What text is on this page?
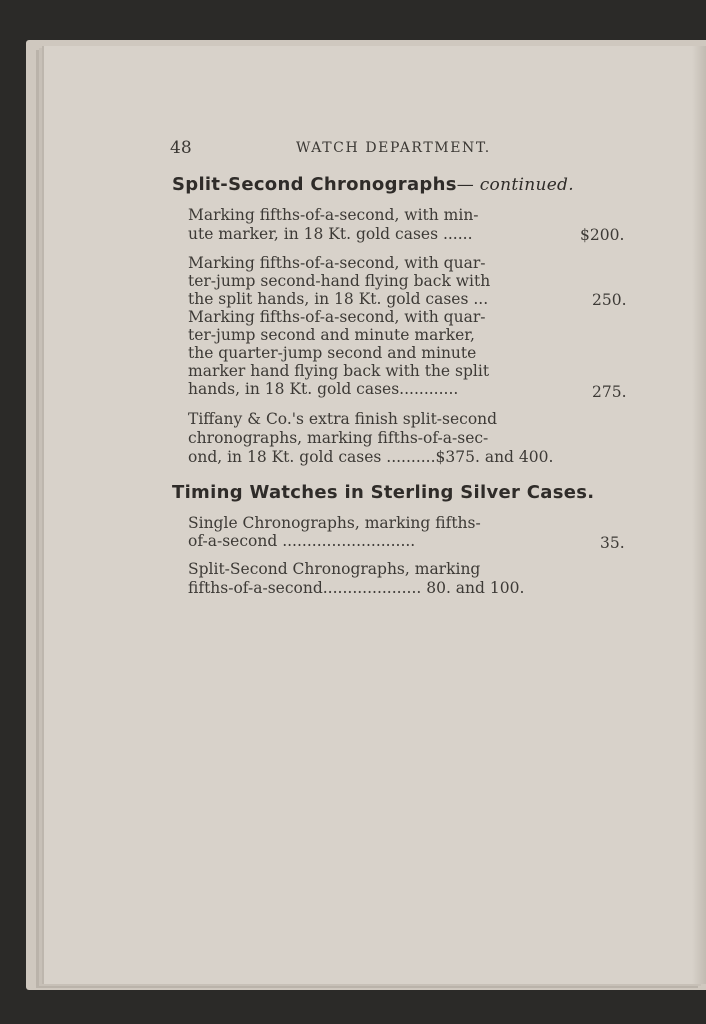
48	WATCH DEPARTMENT.
Split-Second Chronographs— continued.
Marking fifths-of-a-second, with min-
ute marker, in 18 Kt. gold cases ......	$200.
Marking fifths-of-a-second, with quar-
ter-jump second-hand flying back with
the split hands, in 18 Kt. gold cases ...	250.
Marking fifths-of-a-second, with quar-
ter-jump second and minute marker,
the quarter-jump second and minute
marker hand flying back with the split
hands, in 18 Kt. gold cases............	275.
Tiffany & Co.'s extra finish split-second
chronographs, marking fifths-of-a-sec-
ond, in 18 Kt. gold cases ..........$375. and 400.
Timing Watches in Sterling Silver Cases.
Single Chronographs, marking fifths-
of-a-second ...........................	35.
Split-Second Chronographs, marking
fifths-of-a-second.................... 80. and 100.
